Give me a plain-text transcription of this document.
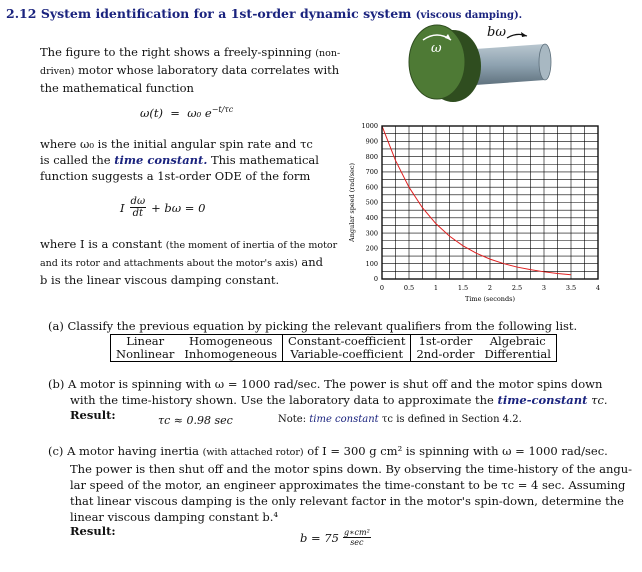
2.12 System identification for a 1st-order dynamic system (viscous damping).
The figure to the right shows a freely-spinning (non-
driven) motor whose laboratory data correlates with
the mathematical function
ω(t) = ω₀ $e^{-t/\tau c}$
where ω₀ is the initial angular spin rate and τc
is called the time constant. This mathematical
function suggests a 1st-order ODE of the form
I dω
dt + bω = 0
where I is a constant (the moment of inertia of the motor
and its rotor and attachments about the motor's axis) and
b is the linear viscous damping constant.
ω
bω
0	0.5	1	1.5	2	2.5	3	3.5	4
0
100
200
300
400
500
600
700
800
900
1000
Time (seconds)
Angular speed (rad/sec)
(a) Classify the previous equation by picking the relevant qualifiers from the following list.
Linear	Homogeneous	Constant-coefficient	1st-order	Algebraic
Nonlinear	Inhomogeneous	Variable-coefficient	2nd-order	Differential
(b) A motor is spinning with ω = 1000 rad/sec. The power is shut off and the motor spins down
with the time-history shown. Use the laboratory data to approximate the time-constant τc.
Result:	τc ≈ 0.98 sec	Note: time constant τc is defined in Section 4.2.
(c) A motor having inertia (with attached rotor) of I = 300 g cm² is spinning with ω = 1000 rad/sec.
The power is then shut off and the motor spins down. By observing the time-history of the angu-
lar speed of the motor, an engineer approximates the time-constant to be τc = 4 sec. Assuming
that linear viscous damping is the only relevant factor in the motor's spin-down, determine the
linear viscous damping constant b.⁴
Result:	b = 75 g∗cm²
sec
